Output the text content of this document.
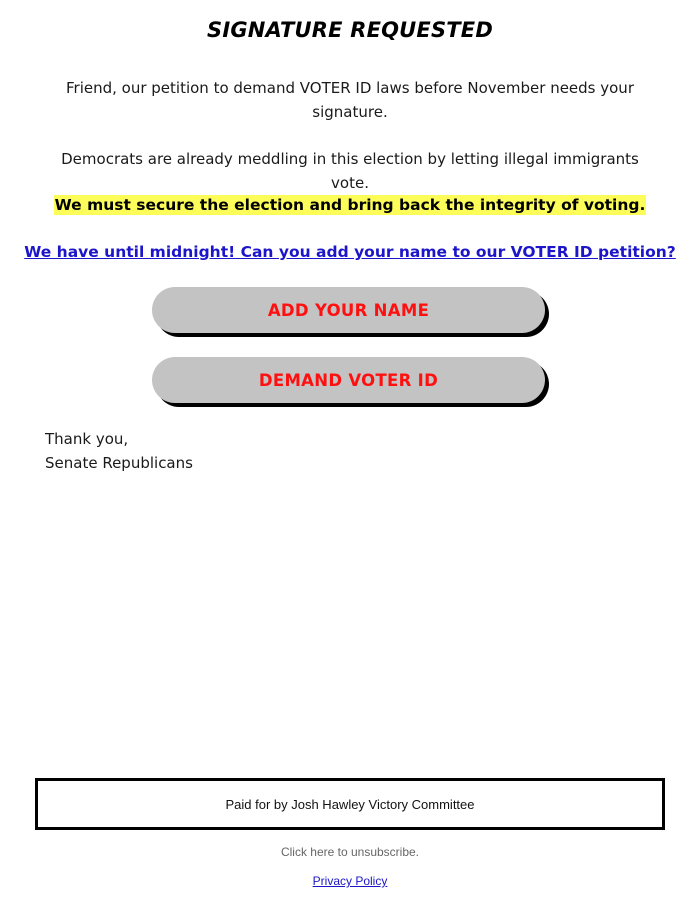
SIGNATURE REQUESTED

Friend, our petition to demand VOTER ID laws before November needs your signature.

Democrats are already meddling in this election by letting illegal immigrants vote.

We must secure the election and bring back the integrity of voting.
We have until midnight! Can you add your name to our VOTER ID petition?
ADD YOUR NAME
DEMAND VOTER ID
Thank you,
Senate Republicans
Paid for by Josh Hawley Victory Committee
Click here to unsubscribe.
Privacy Policy
